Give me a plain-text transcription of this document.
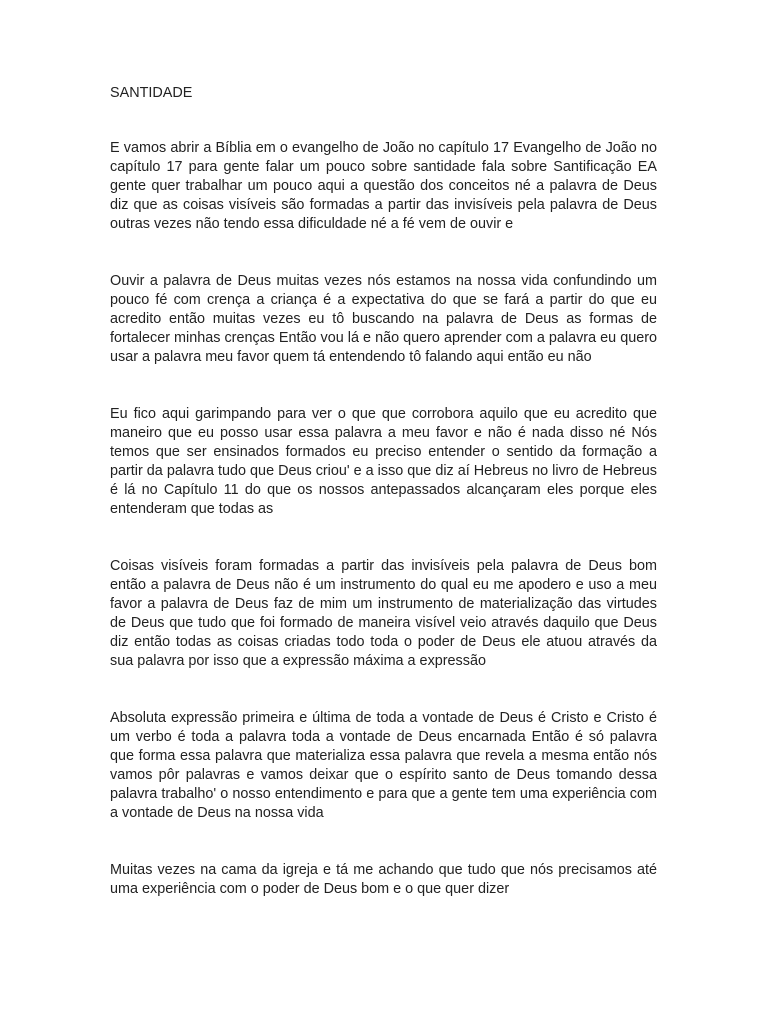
SANTIDADE

E vamos abrir a Bíblia em o evangelho de João no capítulo 17 Evangelho de João no capítulo 17 para gente falar um pouco sobre santidade fala sobre Santificação EA gente quer trabalhar um pouco aqui a questão dos conceitos né a palavra de Deus diz que as coisas visíveis são formadas a partir das invisíveis pela palavra de Deus outras vezes não tendo essa dificuldade né a fé vem de ouvir e

Ouvir a palavra de Deus muitas vezes nós estamos na nossa vida confundindo um pouco fé com crença a criança é a expectativa do que se fará a partir do que eu acredito então muitas vezes eu tô buscando na palavra de Deus as formas de fortalecer minhas crenças Então vou lá e não quero aprender com a palavra eu quero usar a palavra meu favor quem tá entendendo tô falando aqui então eu não

Eu fico aqui garimpando para ver o que que corrobora aquilo que eu acredito que maneiro que eu posso usar essa palavra a meu favor e não é nada disso né Nós temos que ser ensinados formados eu preciso entender o sentido da formação a partir da palavra tudo que Deus criou' e a isso que diz aí Hebreus no livro de Hebreus é lá no Capítulo 11 do que os nossos antepassados alcançaram eles porque eles entenderam que todas as

Coisas visíveis foram formadas a partir das invisíveis pela palavra de Deus bom então a palavra de Deus não é um instrumento do qual eu me apodero e uso a meu favor a palavra de Deus faz de mim um instrumento de materialização das virtudes de Deus que tudo que foi formado de maneira visível veio através daquilo que Deus diz então todas as coisas criadas todo toda o poder de Deus ele atuou através da sua palavra por isso que a expressão máxima a expressão

Absoluta expressão primeira e última de toda a vontade de Deus é Cristo e Cristo é um verbo é toda a palavra toda a vontade de Deus encarnada Então é só palavra que forma essa palavra que materializa essa palavra que revela a mesma então nós vamos pôr palavras e vamos deixar que o espírito santo de Deus tomando dessa palavra trabalho' o nosso entendimento e para que a gente tem uma experiência com a vontade de Deus na nossa vida

Muitas vezes na cama da igreja e tá me achando que tudo que nós precisamos até uma experiência com o poder de Deus bom e o que quer dizer
